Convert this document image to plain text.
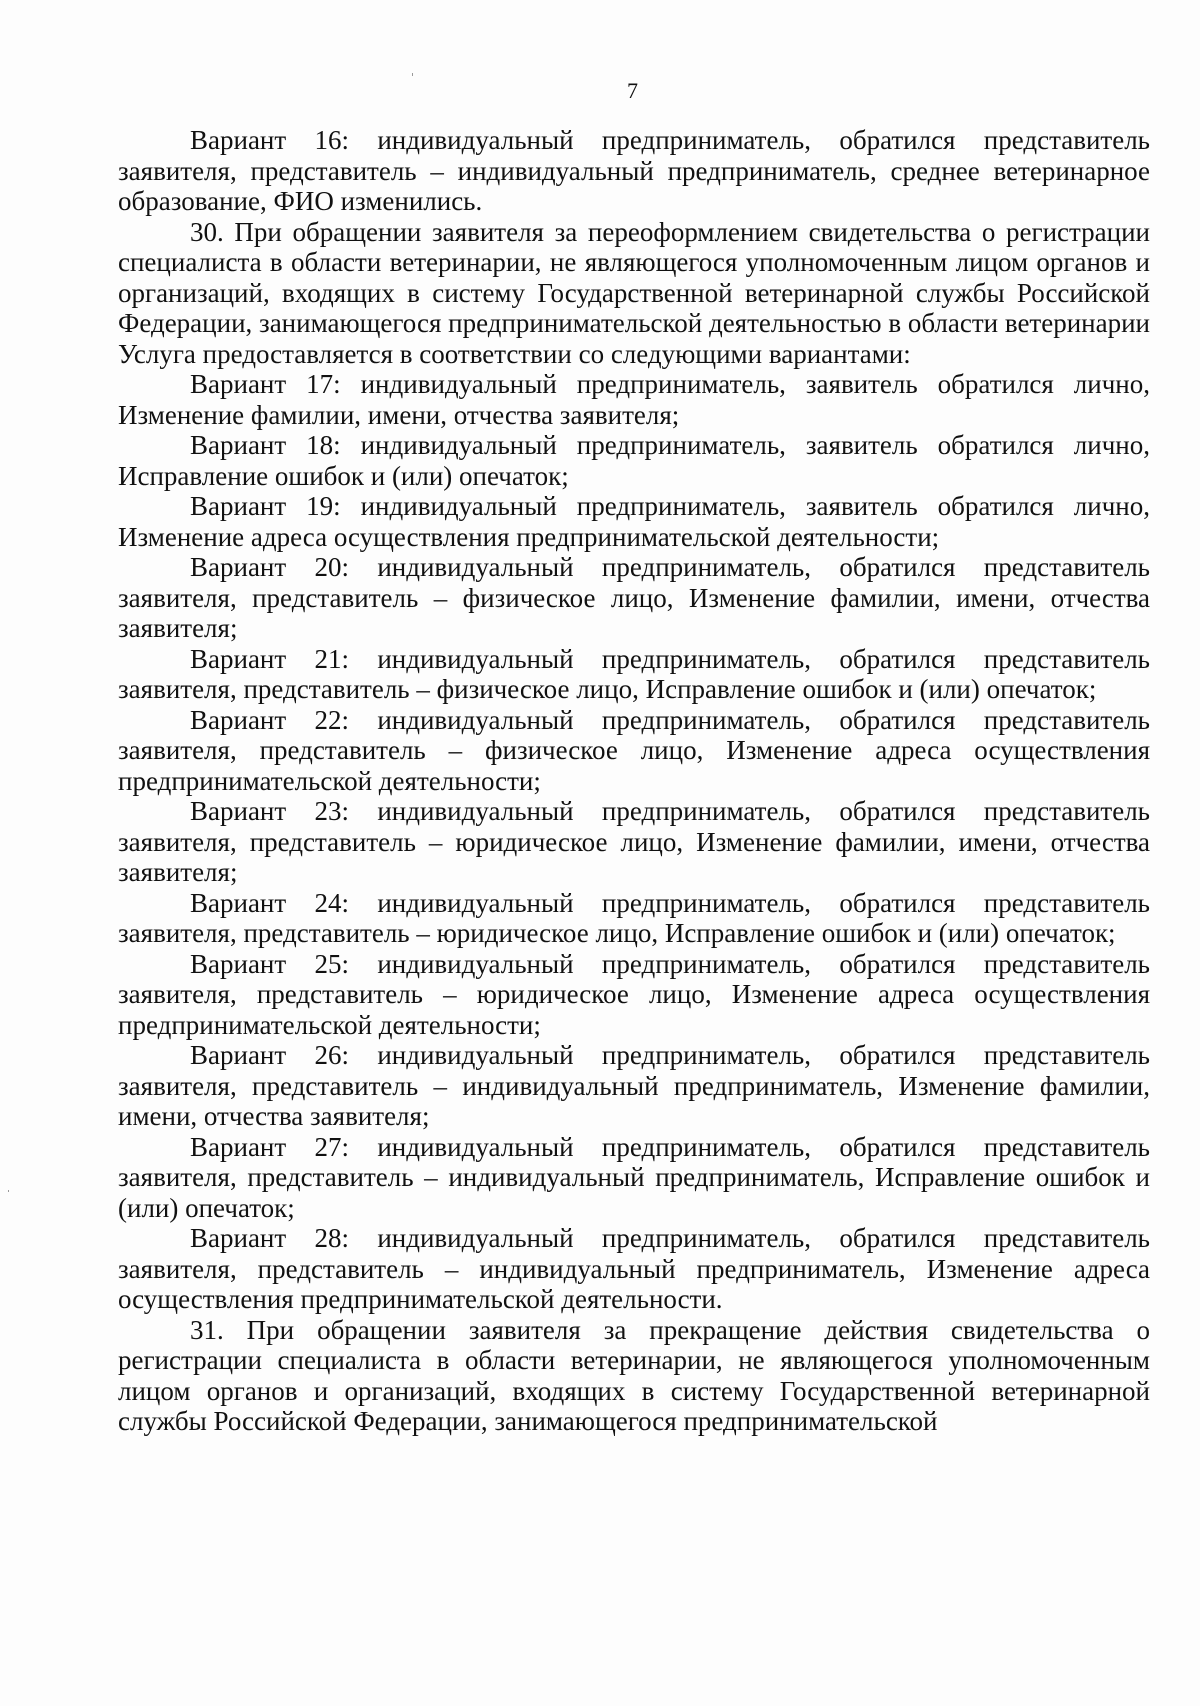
7

Вариант 16: индивидуальный предприниматель, обратился представитель заявителя, представитель – индивидуальный предприниматель, среднее ветеринарное образование, ФИО изменились.

30. При обращении заявителя за переоформлением свидетельства о регистрации специалиста в области ветеринарии, не являющегося уполномоченным лицом органов и организаций, входящих в систему Государственной ветеринарной службы Российской Федерации, занимающегося предпринимательской деятельностью в области ветеринарии Услуга предоставляется в соответствии со следующими вариантами:

Вариант 17: индивидуальный предприниматель, заявитель обратился лично, Изменение фамилии, имени, отчества заявителя;

Вариант 18: индивидуальный предприниматель, заявитель обратился лично, Исправление ошибок и (или) опечаток;

Вариант 19: индивидуальный предприниматель, заявитель обратился лично, Изменение адреса осуществления предпринимательской деятельности;

Вариант 20: индивидуальный предприниматель, обратился представитель заявителя, представитель – физическое лицо, Изменение фамилии, имени, отчества заявителя;

Вариант 21: индивидуальный предприниматель, обратился представитель заявителя, представитель – физическое лицо, Исправление ошибок и (или) опечаток;

Вариант 22: индивидуальный предприниматель, обратился представитель заявителя, представитель – физическое лицо, Изменение адреса осуществления предпринимательской деятельности;

Вариант 23: индивидуальный предприниматель, обратился представитель заявителя, представитель – юридическое лицо, Изменение фамилии, имени, отчества заявителя;

Вариант 24: индивидуальный предприниматель, обратился представитель заявителя, представитель – юридическое лицо, Исправление ошибок и (или) опечаток;

Вариант 25: индивидуальный предприниматель, обратился представитель заявителя, представитель – юридическое лицо, Изменение адреса осуществления предпринимательской деятельности;

Вариант 26: индивидуальный предприниматель, обратился представитель заявителя, представитель – индивидуальный предприниматель, Изменение фамилии, имени, отчества заявителя;

Вариант 27: индивидуальный предприниматель, обратился представитель заявителя, представитель – индивидуальный предприниматель, Исправление ошибок и (или) опечаток;

Вариант 28: индивидуальный предприниматель, обратился представитель заявителя, представитель – индивидуальный предприниматель, Изменение адреса осуществления предпринимательской деятельности.

31. При обращении заявителя за прекращение действия свидетельства о регистрации специалиста в области ветеринарии, не являющегося уполномоченным лицом органов и организаций, входящих в систему Государственной ветеринарной службы Российской Федерации, занимающегося предпринимательской
